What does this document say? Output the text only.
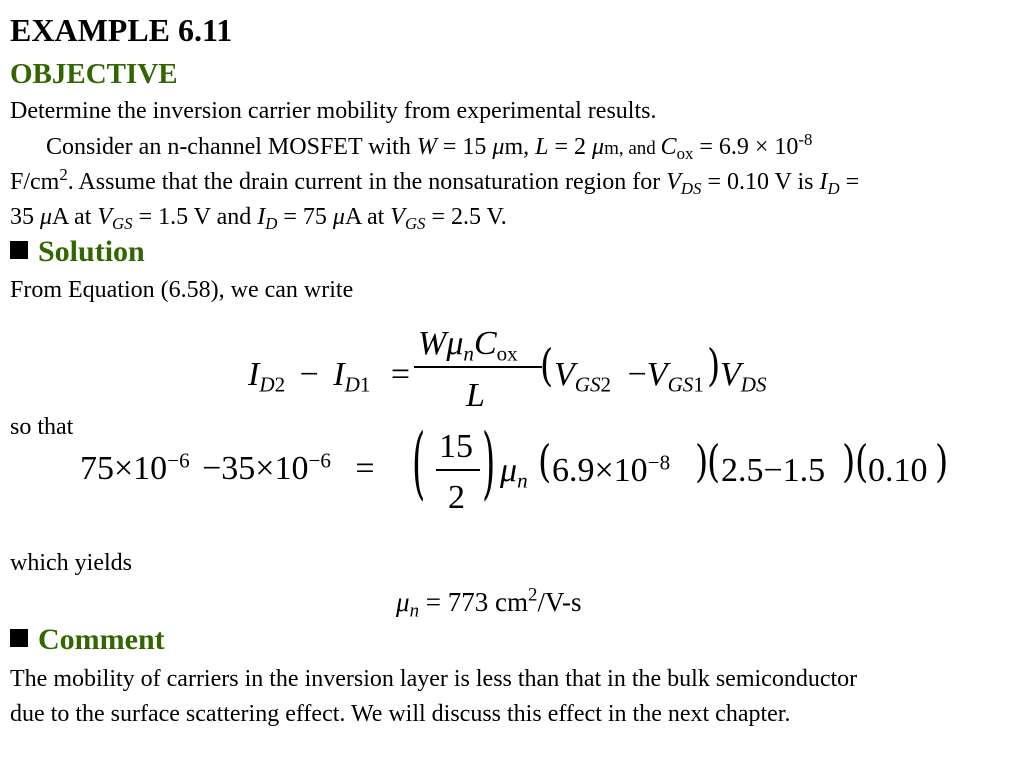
EXAMPLE 6.11
OBJECTIVE
Determine the inversion carrier mobility from experimental results.
Consider an n-channel MOSFET with W = 15 μm, L = 2 μm, and $C_{ox} = 6.9 \times 10^{-8}$
$F/cm^2$. Assume that the drain current in the nonsaturation region for $V_{DS} = 0.10$ V is $I_D$ =
35 μA at $V_{GS} = 1.5$ V and $I_D = 75$ μA at $V_{GS} = 2.5$ V.
Solution
From Equation (6.58), we can write
$I_{D2} - I_{D1}$ =
$W\mu_nC_{ox}$
L
( $V_{GS2} -V_{GS1}$ ) $V_{DS}$
so that
$75\times 10^{-6} -35\times 10^{-6}$ = ( 15
2 ) $\mu_n$ ( $6.9\times 10^{-8}$ )
( 2.5−1.5 ) ( 0.10 )
which yields
$\mu_n = 773$ $cm^2/V-s$
Comment
The mobility of carriers in the inversion layer is less than that in the bulk semiconductor
due to the surface scattering effect. We will discuss this effect in the next chapter.
